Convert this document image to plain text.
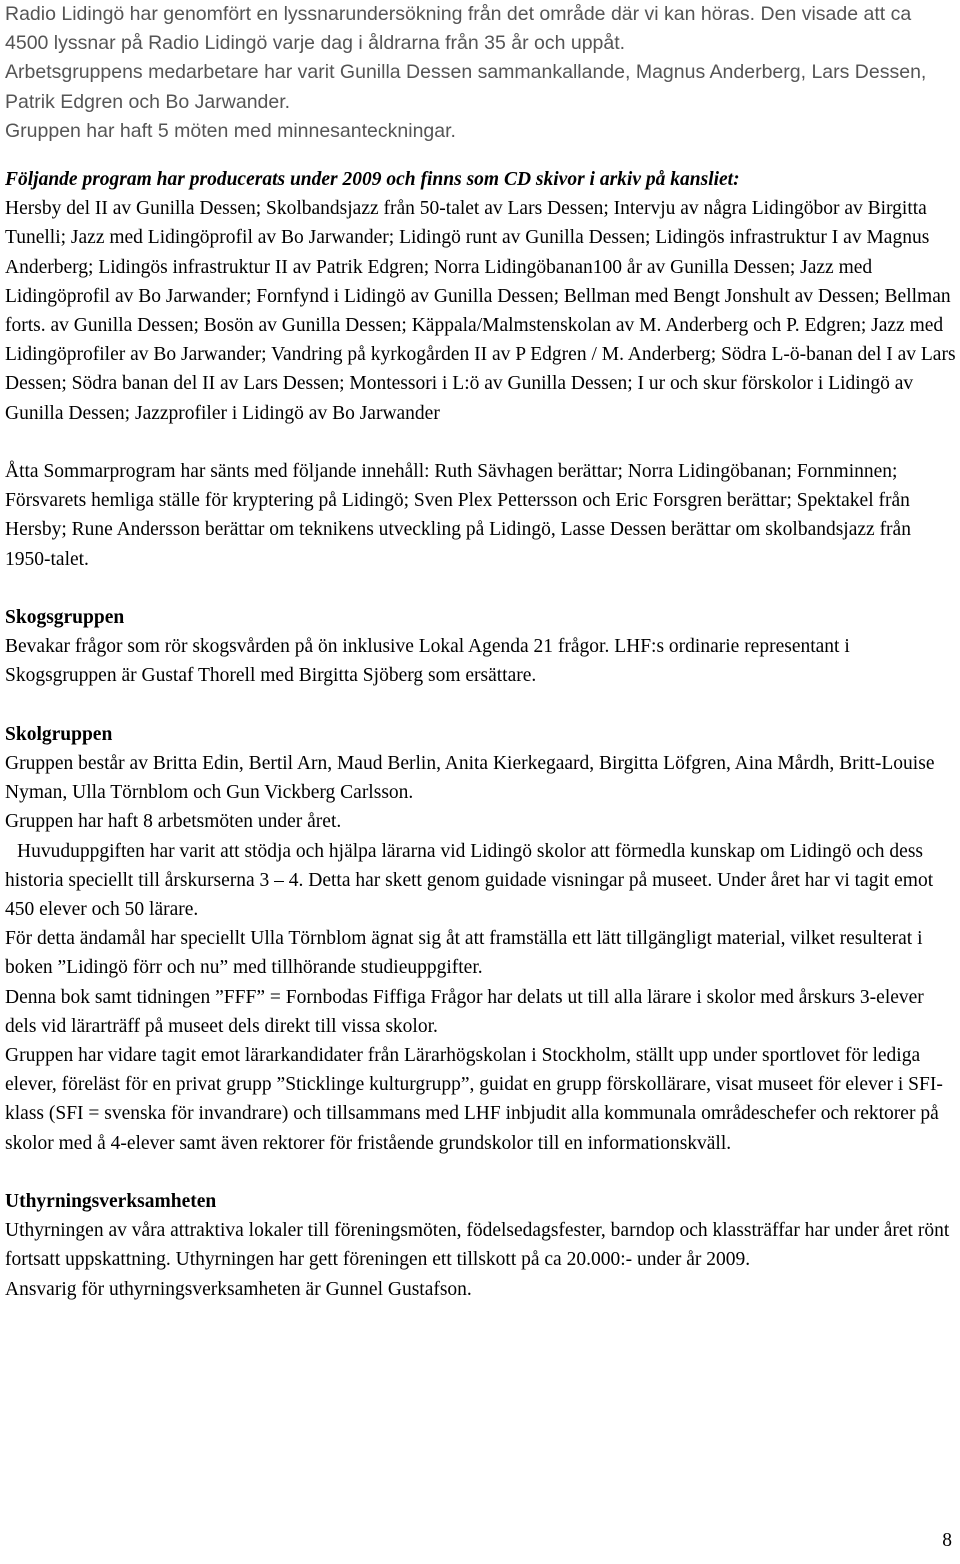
Radio Lidingö har genomfört en lyssnarundersökning från det område där vi kan höras. Den visade att ca 4500 lyssnar på Radio Lidingö varje dag i åldrarna från 35 år och uppåt.

Arbetsgruppens medarbetare har varit Gunilla Dessen sammankallande, Magnus Anderberg, Lars Dessen, Patrik Edgren och Bo Jarwander.

Gruppen har haft 5 möten med minnesanteckningar.

Följande program har producerats under 2009 och finns som CD skivor i arkiv på kansliet:

Hersby del II av Gunilla Dessen; Skolbandsjazz från 50-talet av Lars Dessen; Intervju av några Lidingöbor av Birgitta Tunelli; Jazz med Lidingöprofil av Bo Jarwander; Lidingö runt av Gunilla Dessen; Lidingös infrastruktur I av Magnus Anderberg; Lidingös infrastruktur II av Patrik Edgren; Norra Lidingöbanan100 år av Gunilla Dessen; Jazz med Lidingöprofil av Bo Jarwander; Fornfynd i Lidingö av Gunilla Dessen; Bellman med Bengt Jonshult av Dessen; Bellman forts. av Gunilla Dessen; Bosön av Gunilla Dessen; Käppala/Malmstenskolan av M. Anderberg och P. Edgren; Jazz med Lidingöprofiler av Bo Jarwander; Vandring på kyrkogården II av P Edgren / M. Anderberg; Södra L-ö-banan del I av Lars Dessen; Södra banan del II av Lars Dessen; Montessori i L:ö av Gunilla Dessen; I ur och skur förskolor i Lidingö av Gunilla Dessen; Jazzprofiler i Lidingö av Bo Jarwander

Åtta Sommarprogram har sänts med följande innehåll: Ruth Sävhagen berättar; Norra Lidingöbanan; Fornminnen; Försvarets hemliga ställe för kryptering på Lidingö; Sven Plex Pettersson och Eric Forsgren berättar; Spektakel från Hersby; Rune Andersson berättar om teknikens utveckling på Lidingö, Lasse Dessen berättar om skolbandsjazz från 1950-talet.

Skogsgruppen

Bevakar frågor som rör skogsvården på ön inklusive Lokal Agenda 21 frågor. LHF:s ordinarie representant i Skogsgruppen är Gustaf Thorell med Birgitta Sjöberg som ersättare.

Skolgruppen

Gruppen består av Britta Edin, Bertil Arn, Maud Berlin, Anita Kierkegaard, Birgitta Löfgren, Aina Mårdh, Britt-Louise Nyman, Ulla Törnblom och Gun Vickberg Carlsson.

Gruppen har haft 8 arbetsmöten under året.

Huvuduppgiften har varit att stödja och hjälpa lärarna vid Lidingö skolor att förmedla kunskap om Lidingö och dess historia speciellt till årskurserna 3 – 4. Detta har skett genom guidade visningar på museet. Under året har vi tagit emot 450 elever och 50 lärare.

För detta ändamål har speciellt Ulla Törnblom ägnat sig åt att framställa ett lätt tillgängligt material, vilket resulterat i boken ”Lidingö förr och nu” med tillhörande studieuppgifter.

Denna bok samt tidningen ”FFF” = Fornbodas Fiffiga Frågor har delats ut till alla lärare i skolor med årskurs 3-elever dels vid lärarträff på museet dels direkt till vissa skolor.

Gruppen har vidare tagit emot lärarkandidater från Lärarhögskolan i Stockholm, ställt upp under sportlovet för lediga elever, föreläst för en privat grupp ”Sticklinge kulturgrupp”, guidat en grupp förskollärare, visat museet för elever i SFI-klass (SFI = svenska för invandrare) och tillsammans med LHF inbjudit alla kommunala områdeschefer och rektorer på skolor med å 4-elever samt även rektorer för fristående grundskolor till en informationskväll.

Uthyrningsverksamheten

Uthyrningen av våra attraktiva lokaler till föreningsmöten, födelsedagsfester, barndop och klassträffar har under året rönt fortsatt uppskattning. Uthyrningen har gett föreningen ett tillskott på ca 20.000:- under år 2009.

Ansvarig för uthyrningsverksamheten är Gunnel Gustafson.

8
